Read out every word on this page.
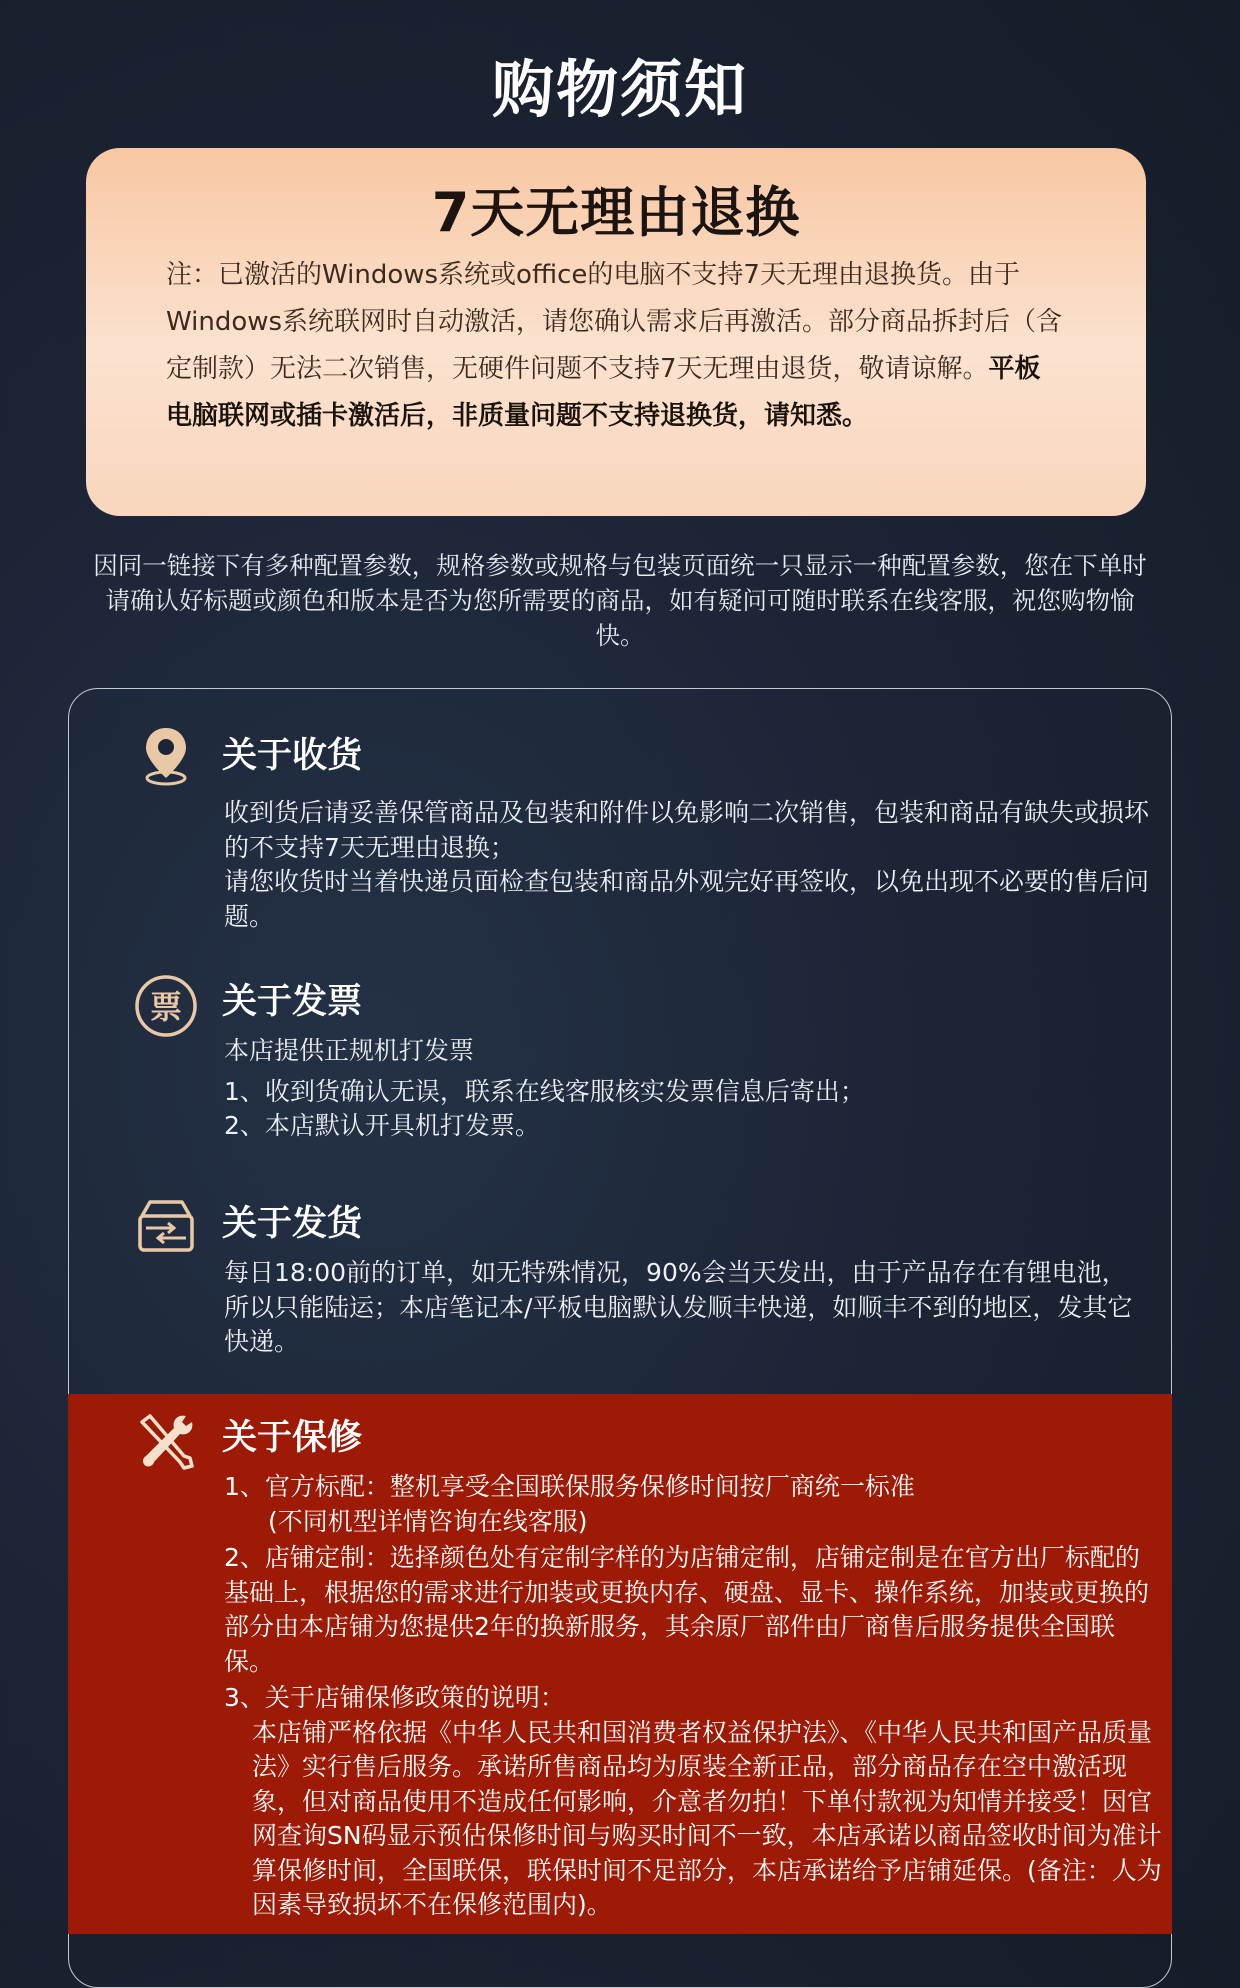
购物须知
7天无理由退换
注：已激活的Windows系统或office的电脑不支持7天无理由退换货。由于Windows系统联网时自动激活，请您确认需求后再激活。部分商品拆封后（含定制款）无法二次销售，无硬件问题不支持7天无理由退货，敬请谅解。平板电脑联网或插卡激活后，非质量问题不支持退换货，请知悉。
因同一链接下有多种配置参数，规格参数或规格与包装页面统一只显示一种配置参数，您在下单时请确认好标题或颜色和版本是否为您所需要的商品，如有疑问可随时联系在线客服，祝您购物愉快。
关于收货
收到货后请妥善保管商品及包装和附件以免影响二次销售，包装和商品有缺失或损坏的不支持7天无理由退换；
请您收货时当着快递员面检查包装和商品外观完好再签收，以免出现不必要的售后问题。
票 关于发票
本店提供正规机打发票
1、收到货确认无误，联系在线客服核实发票信息后寄出；
2、本店默认开具机打发票。
关于发货
每日18:00前的订单，如无特殊情况，90%会当天发出，由于产品存在有锂电池，所以只能陆运；本店笔记本/平板电脑默认发顺丰快递，如顺丰不到的地区，发其它快递。
关于保修
1、官方标配：整机享受全国联保服务保修时间按厂商统一标准
(不同机型详情咨询在线客服)
2、店铺定制：选择颜色处有定制字样的为店铺定制，店铺定制是在官方出厂标配的基础上，根据您的需求进行加装或更换内存、硬盘、显卡、操作系统，加装或更换的部分由本店铺为您提供2年的换新服务，其余原厂部件由厂商售后服务提供全国联保。
3、关于店铺保修政策的说明：
本店铺严格依据《中华人民共和国消费者权益保护法》、《中华人民共和国产品质量法》实行售后服务。承诺所售商品均为原装全新正品，部分商品存在空中激活现象，但对商品使用不造成任何影响，介意者勿拍！下单付款视为知情并接受！因官网查询SN码显示预估保修时间与购买时间不一致，本店承诺以商品签收时间为准计算保修时间，全国联保，联保时间不足部分，本店承诺给予店铺延保。(备注：人为因素导致损坏不在保修范围内)。
